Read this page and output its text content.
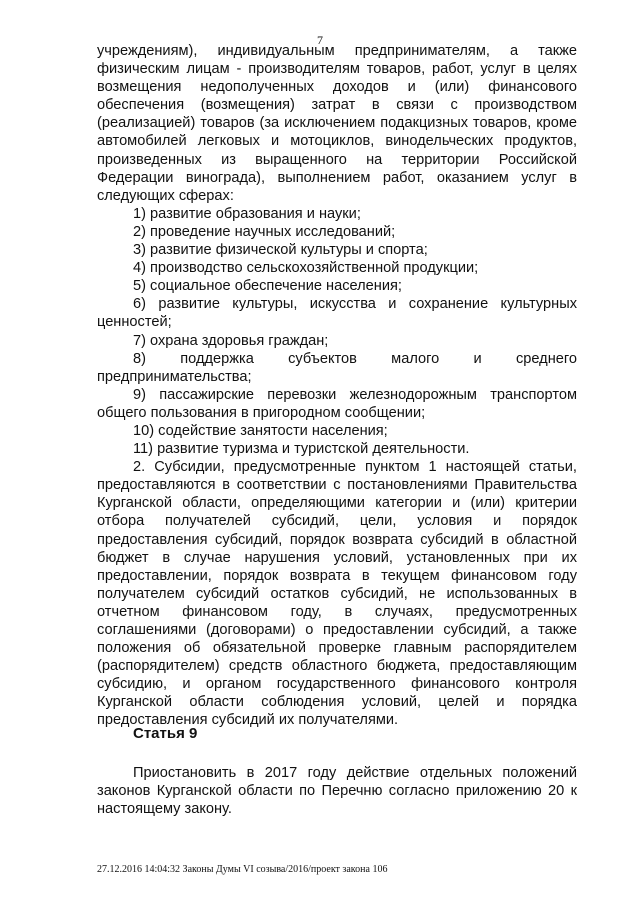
7

учреждениям), индивидуальным предпринимателям, а также физическим лицам - производителям товаров, работ, услуг в целях возмещения недополученных доходов и (или) финансового обеспечения (возмещения) затрат в связи с производством (реализацией) товаров (за исключением подакцизных товаров, кроме автомобилей легковых и мотоциклов, винодельческих продуктов, произведенных из выращенного на территории Российской Федерации винограда), выполнением работ, оказанием услуг в следующих сферах:

1) развитие образования и науки;

2) проведение научных исследований;

3) развитие физической культуры и спорта;

4) производство сельскохозяйственной продукции;

5) социальное обеспечение населения;

6) развитие культуры, искусства и сохранение культурных ценностей;

7) охрана здоровья граждан;

8) поддержка субъектов малого и среднего предпринимательства;

9) пассажирские перевозки железнодорожным транспортом общего пользования в пригородном сообщении;

10) содействие занятости населения;

11) развитие туризма и туристской деятельности.

2. Субсидии, предусмотренные пунктом 1 настоящей статьи, предоставляются в соответствии с постановлениями Правительства Курганской области, определяющими категории и (или) критерии отбора получателей субсидий, цели, условия и порядок предоставления субсидий, порядок возврата субсидий в областной бюджет в случае нарушения условий, установленных при их предоставлении, порядок возврата в текущем финансовом году получателем субсидий остатков субсидий, не использованных в отчетном финансовом году, в случаях, предусмотренных соглашениями (договорами) о предоставлении субсидий, а также положения об обязательной проверке главным распорядителем (распорядителем) средств областного бюджета, предоставляющим субсидию, и органом государственного финансового контроля Курганской области соблюдения условий, целей и порядка предоставления субсидий их получателями.

Статья 9

Приостановить в 2017 году действие отдельных положений законов Курганской области по Перечню согласно приложению 20 к настоящему закону.

27.12.2016 14:04:32 Законы Думы VI созыва/2016/проект закона 106
